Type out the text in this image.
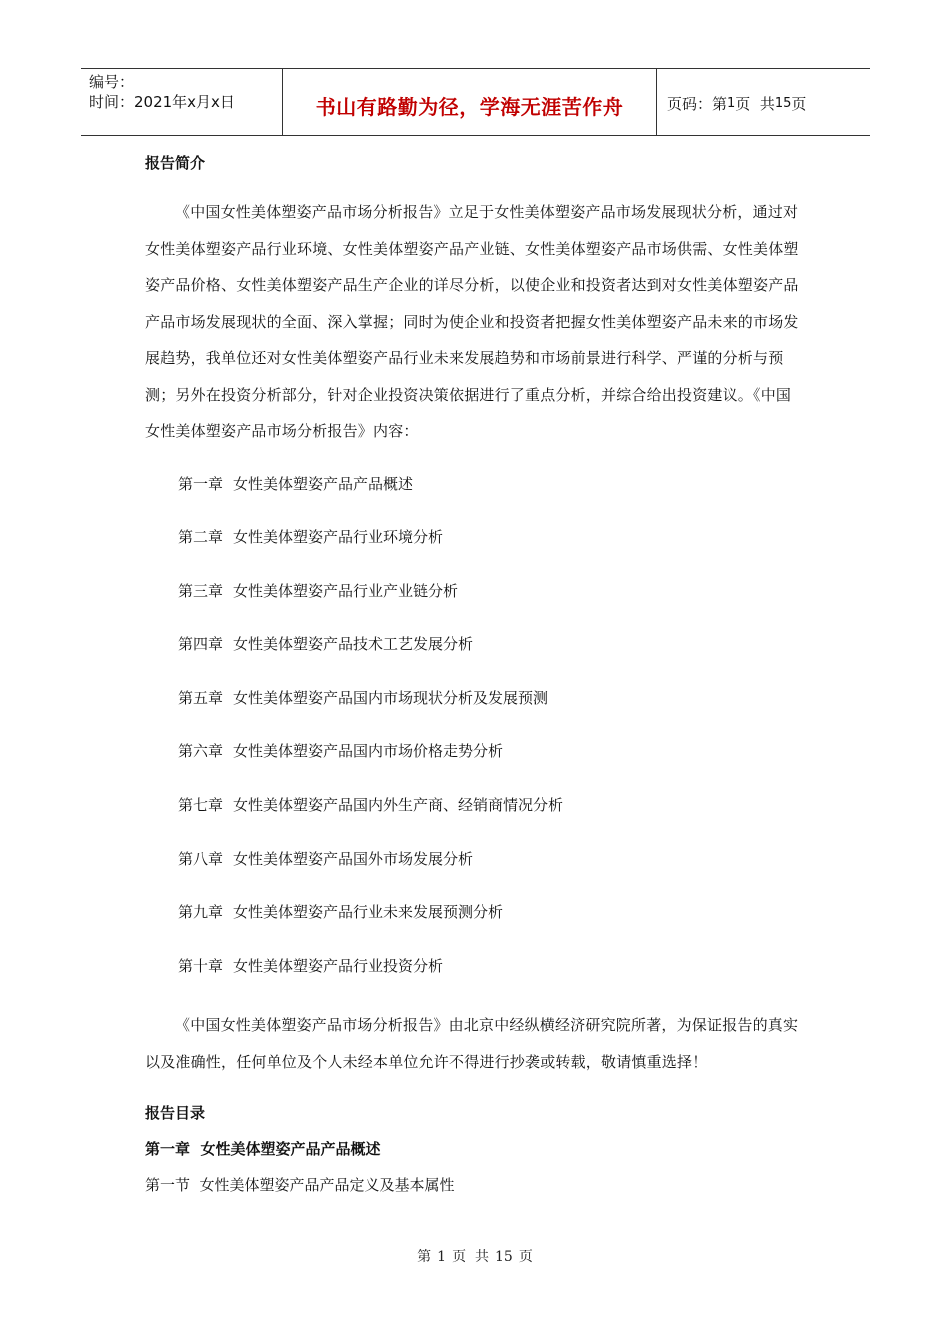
编号：
时间：2021年x月x日	书山有路勤为径，学海无涯苦作舟	页码：第 1 页  共 15 页

报告简介

《中国女性美体塑姿产品市场分析报告》立足于女性美体塑姿产品市场发展现状分析，通过对女性美体塑姿产品行业环境、女性美体塑姿产品产业链、女性美体塑姿产品市场供需、女性美体塑姿产品价格、女性美体塑姿产品生产企业的详尽分析，以使企业和投资者达到对女性美体塑姿产品产品市场发展现状的全面、深入掌握；同时为使企业和投资者把握女性美体塑姿产品未来的市场发展趋势，我单位还对女性美体塑姿产品行业未来发展趋势和市场前景进行科学、严谨的分析与预测；另外在投资分析部分，针对企业投资决策依据进行了重点分析，并综合给出投资建议。《中国女性美体塑姿产品市场分析报告》内容：

第一章 女性美体塑姿产品产品概述
第二章 女性美体塑姿产品行业环境分析
第三章 女性美体塑姿产品行业产业链分析
第四章 女性美体塑姿产品技术工艺发展分析
第五章 女性美体塑姿产品国内市场现状分析及发展预测
第六章 女性美体塑姿产品国内市场价格走势分析
第七章 女性美体塑姿产品国内外生产商、经销商情况分析
第八章 女性美体塑姿产品国外市场发展分析
第九章 女性美体塑姿产品行业未来发展预测分析
第十章 女性美体塑姿产品行业投资分析

《中国女性美体塑姿产品市场分析报告》由北京中经纵横经济研究院所著，为保证报告的真实以及准确性，任何单位及个人未经本单位允许不得进行抄袭或转载，敬请慎重选择！

报告目录

第一章  女性美体塑姿产品产品概述

第一节  女性美体塑姿产品产品定义及基本属性

第 1 页  共 15 页
